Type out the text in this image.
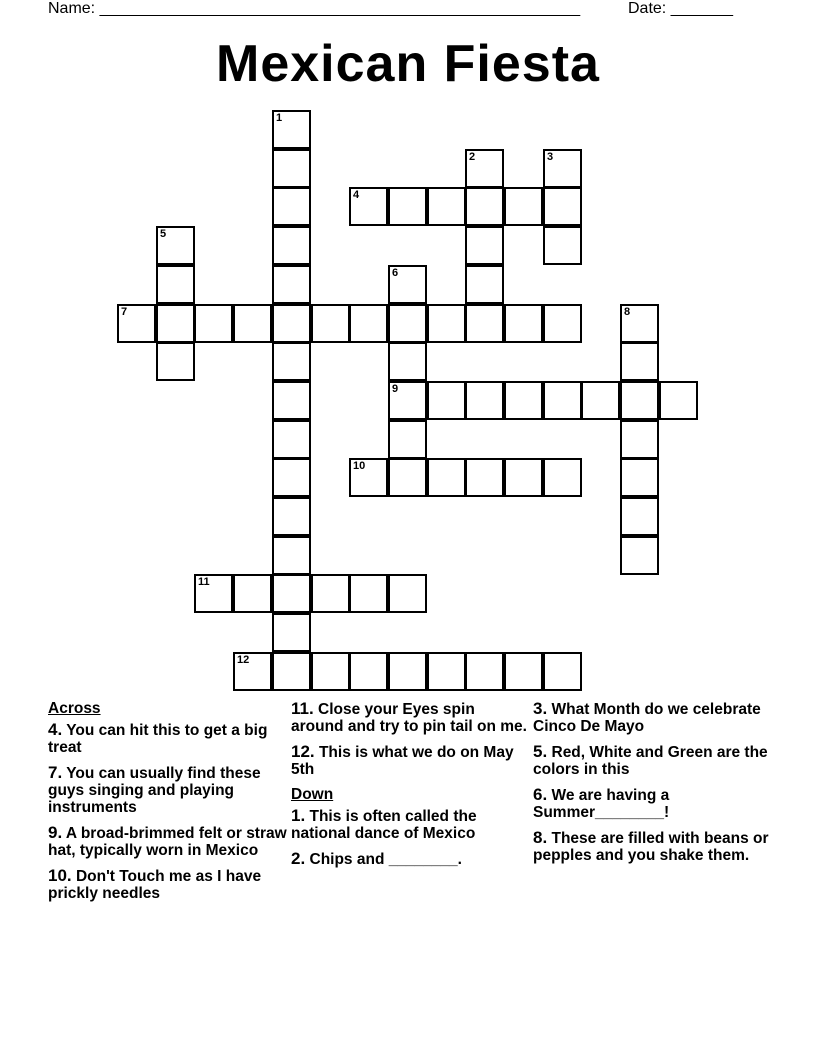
Name: ______________________________________________________	Date: _______
Mexican Fiesta
1
2	3
4
5
6
9
7	8
10
11
12
Across
4. You can hit this to get a big treat
7. You can usually find these guys singing and playing instruments
9. A broad-brimmed felt or straw hat, typically worn in Mexico
10. Don't Touch me as I have prickly needles
11. Close your Eyes spin around and try to pin tail on me.
12. This is what we do on May 5th
Down
1. This is often called the national dance of Mexico
2. Chips and ________.
3. What Month do we celebrate Cinco De Mayo
5. Red, White and Green are the colors in this
6. We are having a Summer________!
8. These are filled with beans or pepples and you shake them.
